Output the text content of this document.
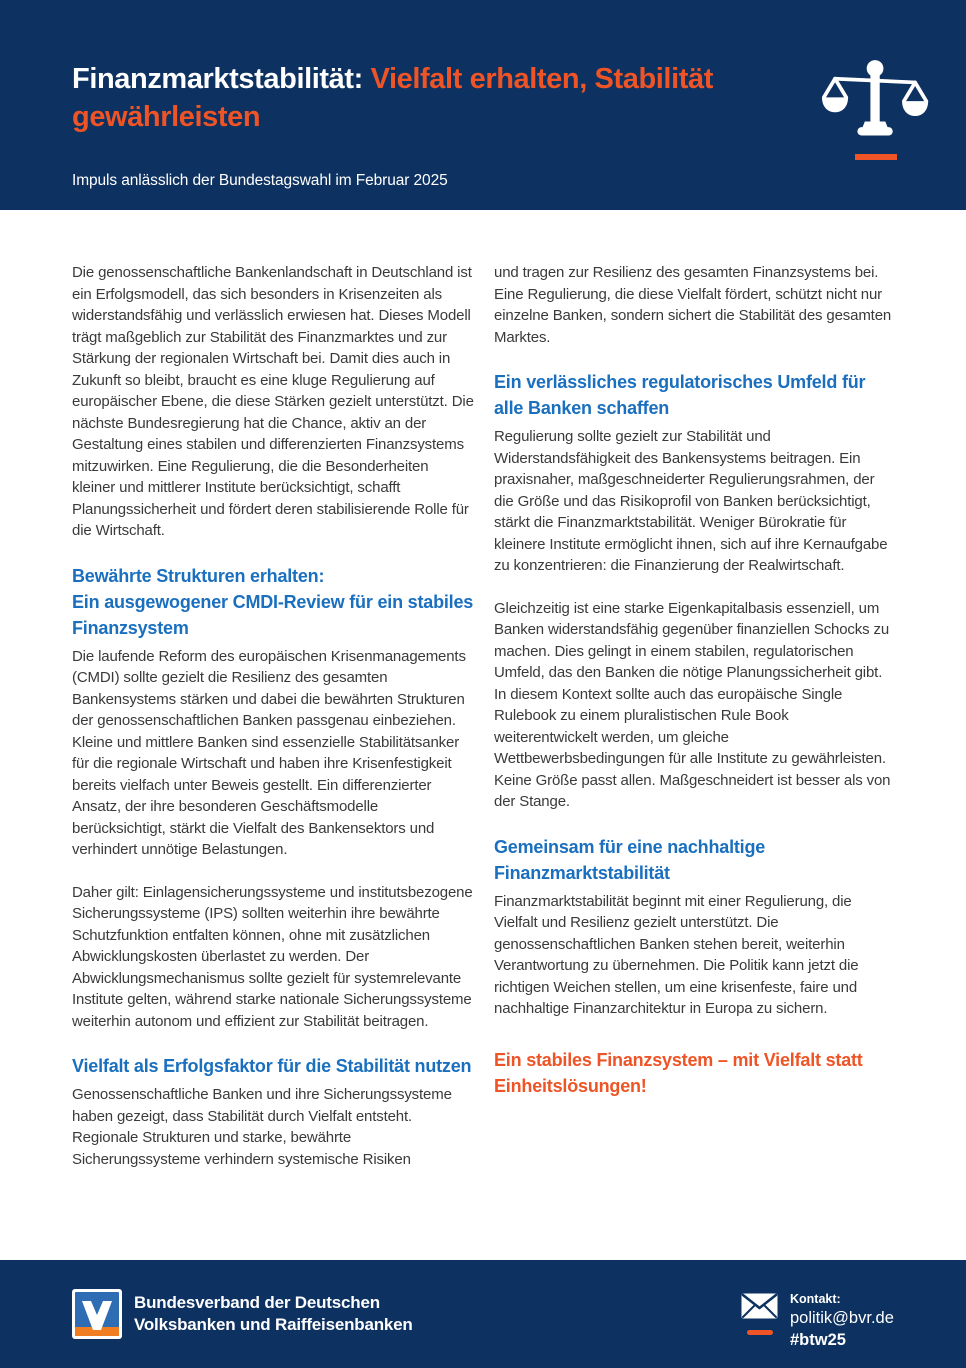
Finanzmarktstabilität: Vielfalt erhalten, Stabilität gewährleisten
Impuls anlässlich der Bundestagswahl im Februar 2025

Die genossenschaftliche Bankenlandschaft in Deutschland ist ein Erfolgsmodell, das sich besonders in Krisenzeiten als widerstandsfähig und verlässlich erwiesen hat. Dieses Modell trägt maßgeblich zur Stabilität des Finanzmarktes und zur Stärkung der regionalen Wirtschaft bei. Damit dies auch in Zukunft so bleibt, braucht es eine kluge Regulierung auf europäischer Ebene, die diese Stärken gezielt unterstützt. Die nächste Bundesregierung hat die Chance, aktiv an der Gestaltung eines stabilen und differenzierten Finanzsystems mitzuwirken. Eine Regulierung, die die Besonderheiten kleiner und mittlerer Institute berücksichtigt, schafft Planungssicherheit und fördert deren stabilisierende Rolle für die Wirtschaft.

Bewährte Strukturen erhalten:
Ein ausgewogener CMDI-Review für ein stabiles Finanzsystem

Die laufende Reform des europäischen Krisenmanagements (CMDI) sollte gezielt die Resilienz des gesamten Bankensystems stärken und dabei die bewährten Strukturen der genossenschaftlichen Banken passgenau einbeziehen. Kleine und mittlere Banken sind essenzielle Stabilitätsanker für die regionale Wirtschaft und haben ihre Krisenfestigkeit bereits vielfach unter Beweis gestellt. Ein differenzierter Ansatz, der ihre besonderen Geschäftsmodelle berücksichtigt, stärkt die Vielfalt des Bankensektors und verhindert unnötige Belastungen.

Daher gilt: Einlagensicherungssysteme und institutsbezogene Sicherungssysteme (IPS) sollten weiterhin ihre bewährte Schutzfunktion entfalten können, ohne mit zusätzlichen Abwicklungskosten überlastet zu werden. Der Abwicklungsmechanismus sollte gezielt für systemrelevante Institute gelten, während starke nationale Sicherungssysteme weiterhin autonom und effizient zur Stabilität beitragen.

Vielfalt als Erfolgsfaktor für die Stabilität nutzen

Genossenschaftliche Banken und ihre Sicherungssysteme haben gezeigt, dass Stabilität durch Vielfalt entsteht. Regionale Strukturen und starke, bewährte Sicherungssysteme verhindern systemische Risiken

und tragen zur Resilienz des gesamten Finanzsystems bei. Eine Regulierung, die diese Vielfalt fördert, schützt nicht nur einzelne Banken, sondern sichert die Stabilität des gesamten Marktes.

Ein verlässliches regulatorisches Umfeld für alle Banken schaffen

Regulierung sollte gezielt zur Stabilität und Widerstandsfähigkeit des Bankensystems beitragen. Ein praxisnaher, maßgeschneiderter Regulierungsrahmen, der die Größe und das Risikoprofil von Banken berücksichtigt, stärkt die Finanzmarktstabilität. Weniger Bürokratie für kleinere Institute ermöglicht ihnen, sich auf ihre Kernaufgabe zu konzentrieren: die Finanzierung der Realwirtschaft.

Gleichzeitig ist eine starke Eigenkapitalbasis essenziell, um Banken widerstandsfähig gegenüber finanziellen Schocks zu machen. Dies gelingt in einem stabilen, regulatorischen Umfeld, das den Banken die nötige Planungssicherheit gibt. In diesem Kontext sollte auch das europäische Single Rulebook zu einem pluralistischen Rule Book weiterentwickelt werden, um gleiche Wettbewerbsbedingungen für alle Institute zu gewährleisten. Keine Größe passt allen. Maßgeschneidert ist besser als von der Stange.

Gemeinsam für eine nachhaltige Finanzmarktstabilität

Finanzmarktstabilität beginnt mit einer Regulierung, die Vielfalt und Resilienz gezielt unterstützt. Die genossenschaftlichen Banken stehen bereit, weiterhin Verantwortung zu übernehmen. Die Politik kann jetzt die richtigen Weichen stellen, um eine krisenfeste, faire und nachhaltige Finanzarchitektur in Europa zu sichern.

Ein stabiles Finanzsystem – mit Vielfalt statt Einheitslösungen!
Bundesverband der Deutschen
Volksbanken und Raiffeisenbanken
Kontakt:
politik@bvr.de
#btw25
